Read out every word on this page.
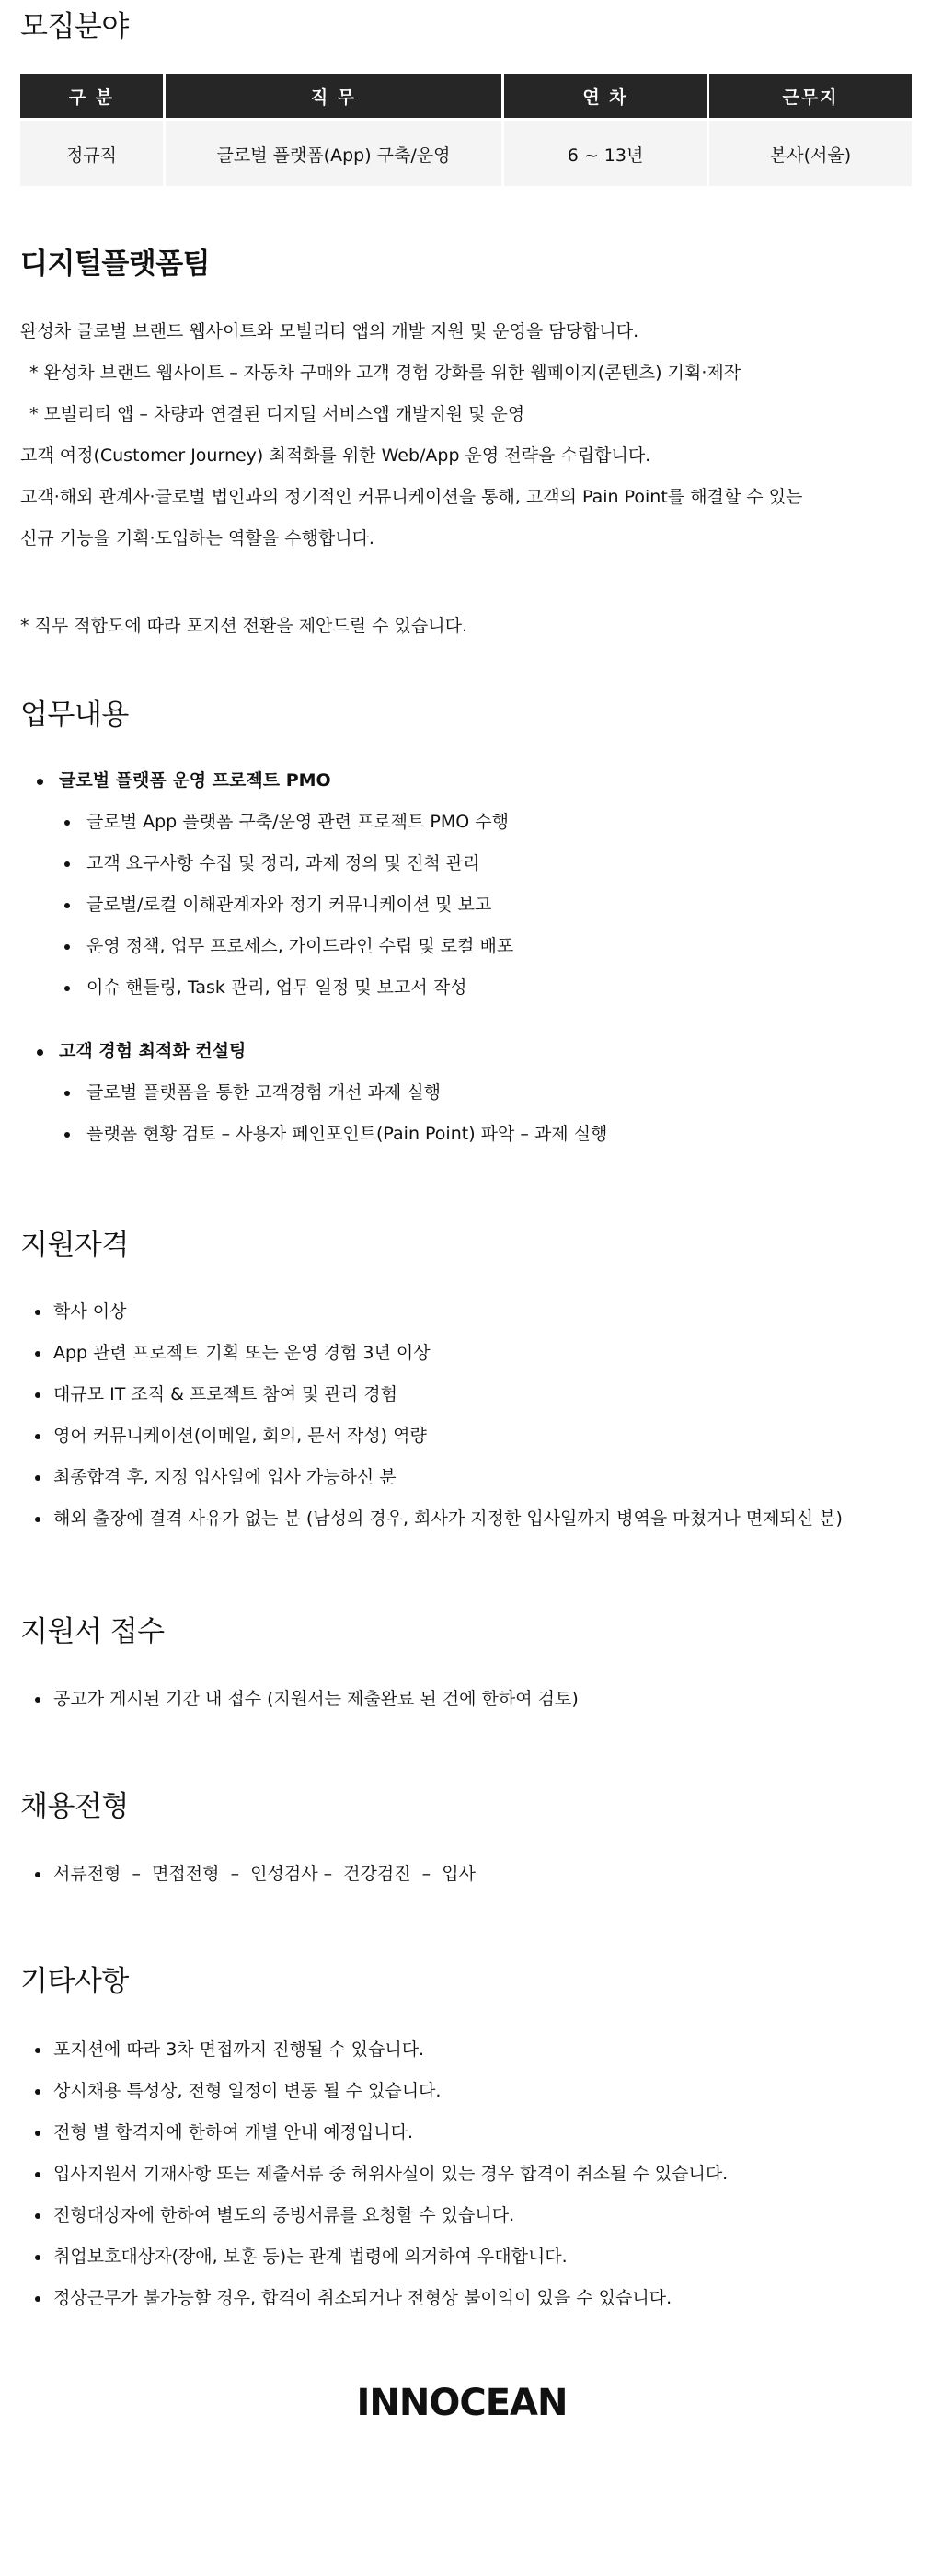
모집분야
구 분	직 무	연 차	근무지
정규직	글로벌 플랫폼(App) 구축/운영	6 ~ 13년	본사(서울)
디지털플랫폼팀
완성차 글로벌 브랜드 웹사이트와 모빌리티 앱의 개발 지원 및 운영을 담당합니다.
* 완성차 브랜드 웹사이트 – 자동차 구매와 고객 경험 강화를 위한 웹페이지(콘텐츠) 기획·제작
* 모빌리티 앱 – 차량과 연결된 디지털 서비스앱 개발지원 및 운영
고객 여정(Customer Journey) 최적화를 위한 Web/App 운영 전략을 수립합니다.
고객·해외 관계사·글로벌 법인과의 정기적인 커뮤니케이션을 통해, 고객의 Pain Point를 해결할 수 있는
신규 기능을 기획·도입하는 역할을 수행합니다.
* 직무 적합도에 따라 포지션 전환을 제안드릴 수 있습니다.
업무내용
글로벌 플랫폼 운영 프로젝트 PMO
글로벌 App 플랫폼 구축/운영 관련 프로젝트 PMO 수행
고객 요구사항 수집 및 정리, 과제 정의 및 진척 관리
글로벌/로컬 이해관계자와 정기 커뮤니케이션 및 보고
운영 정책, 업무 프로세스, 가이드라인 수립 및 로컬 배포
이슈 핸들링, Task 관리, 업무 일정 및 보고서 작성
고객 경험 최적화 컨설팅
글로벌 플랫폼을 통한 고객경험 개선 과제 실행
플랫폼 현황 검토 – 사용자 페인포인트(Pain Point) 파악 – 과제 실행
지원자격
학사 이상
App 관련 프로젝트 기획 또는 운영 경험 3년 이상
대규모 IT 조직 & 프로젝트 참여 및 관리 경험
영어 커뮤니케이션(이메일, 회의, 문서 작성) 역량
최종합격 후, 지정 입사일에 입사 가능하신 분
해외 출장에 결격 사유가 없는 분 (남성의 경우, 회사가 지정한 입사일까지 병역을 마쳤거나 면제되신 분)
지원서 접수
공고가 게시된 기간 내 접수 (지원서는 제출완료 된 건에 한하여 검토)
채용전형
서류전형  –  면접전형  –  인성검사 –  건강검진  –  입사
기타사항
포지션에 따라 3차 면접까지 진행될 수 있습니다.
상시채용 특성상, 전형 일정이 변동 될 수 있습니다.
전형 별 합격자에 한하여 개별 안내 예정입니다.
입사지원서 기재사항 또는 제출서류 중 허위사실이 있는 경우 합격이 취소될 수 있습니다.
전형대상자에 한하여 별도의 증빙서류를 요청할 수 있습니다.
취업보호대상자(장애, 보훈 등)는 관계 법령에 의거하여 우대합니다.
정상근무가 불가능할 경우, 합격이 취소되거나 전형상 불이익이 있을 수 있습니다.
INNOCEAN
